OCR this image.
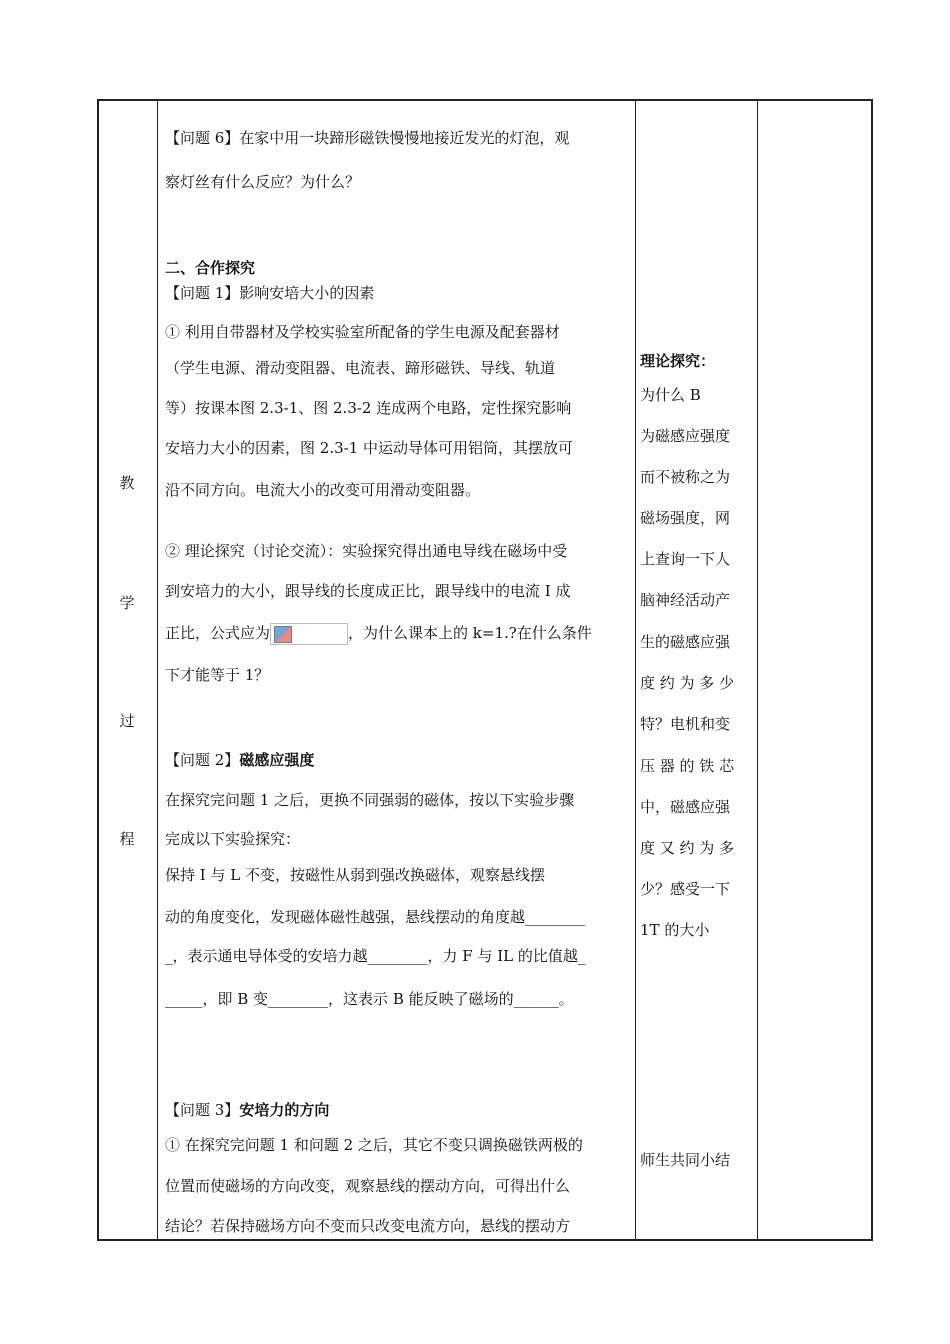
教
学
过
程
【问题 6】在家中用一块蹄形磁铁慢慢地接近发光的灯泡，观
察灯丝有什么反应？为什么？
二、合作探究
【问题 1】影响安培大小的因素
① 利用自带器材及学校实验室所配备的学生电源及配套器材
（学生电源、滑动变阻器、电流表、蹄形磁铁、导线、轨道
等）按课本图 2.3-1、图 2.3-2 连成两个电路，定性探究影响
安培力大小的因素，图 2.3-1 中运动导体可用铝筒，其摆放可
沿不同方向。电流大小的改变可用滑动变阻器。
② 理论探究（讨论交流）：实验探究得出通电导线在磁场中受
到安培力的大小，跟导线的长度成正比，跟导线中的电流 I 成
正比，公式应为	，为什么课本上的 k=1.?在什么条件
下才能等于 1？
【问题 2】磁感应强度
在探究完问题 1 之后，更换不同强弱的磁体，按以下实验步骤
完成以下实验探究：
保持 I 与 L 不变，按磁性从弱到强改换磁体，观察悬线摆
动的角度变化，发现磁体磁性越强，悬线摆动的角度越________
_，表示通电导体受的安培力越________，力 F 与 IL 的比值越_
_____，即 B 变________，这表示 B 能反映了磁场的______。
【问题 3】安培力的方向
① 在探究完问题 1 和问题 2 之后，其它不变只调换磁铁两极的
位置而使磁场的方向改变，观察悬线的摆动方向，可得出什么
结论？若保持磁场方向不变而只改变电流方向，悬线的摆动方
理论探究：
为什么 B
为磁感应强度
而不被称之为
磁场强度，网
上查询一下人
脑神经活动产
生的磁感应强
度 约 为 多 少
特？电机和变
压 器 的 铁 芯
中，磁感应强
度 又 约 为 多
少？感受一下
1T 的大小
师生共同小结
